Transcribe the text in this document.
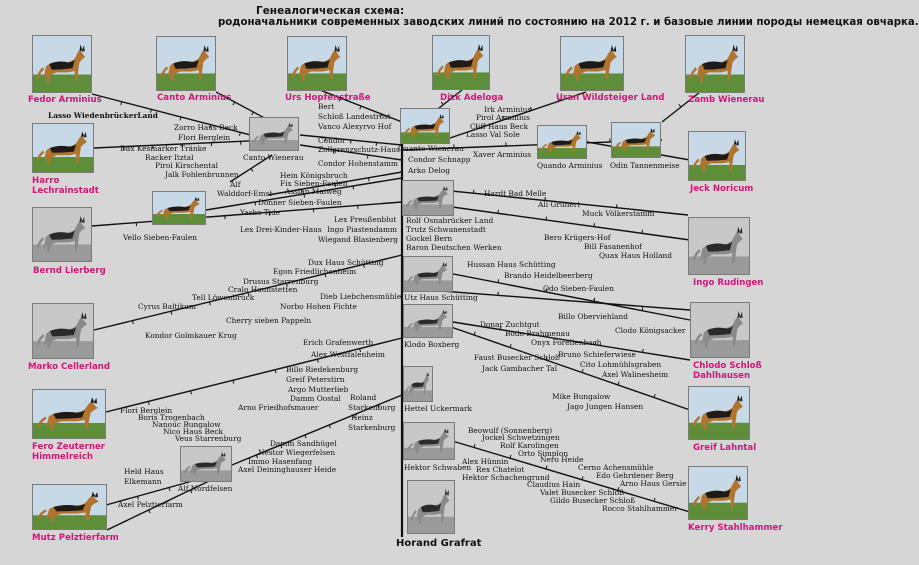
Генеалогическая схема:
родоначальники современных заводских линий по состоянию на 2012 г. и базовые линии породы немецкая овчарка.
Fedor Arminius	Canto Arminius	Urs Hopfenstraße	Dick Adeloga	Uran Wildsteiger Land	Zamb Wienerau
Harro
Lechrainstadt	Jeck Noricum
Bernd Lierberg
Ingo Rudingen
Marko Cellerland	Chlodo Schloß
Dahlhausen
Fero Zeuterner
Himmelreich
Greif Lahntal
Mutz Pelztierfarm
Kerry Stahlhammer
Canto Wienerau
Quanto Wienerau
Quando Arminius Odin Tannenmeise
Vello Sieben-Faulen
Rolf Osnabrücker Land
Utz Haus Schütting
Klodo Boxberg
Hettel Uckermark
Alf Nordfelsen
Hektor Schwaben
Horand Grafrat
Lasso WiedenbrückerLand
Zorro Haus Beck
Flori Berglein
Bert
Schloß Landestrost
Vanco Alexyrvo Hof
Irk Arminius
Pirol Arminius
Cliff Haus Beck
Lasso Val Sole
Dax Kesmarker Tränke
Racker Itztal
Pirol Kirschental
Jalk Fohlenbrunnen
Condor
Zollgrenzschutz-Haus
Condor Hohenstamm Condor Schnapp
Arko Delog
Xaver Arminius
Alf
Walddorf-Emst
Hein Königsbruch
Fix Sieben-Faulen
Asslan Maiweg
Donner Sieben-Faulen
Yasko Tide
Hardt Bad Melle
Ali Grünert
Muck Völkerstamm
Lex Preußenblut
Ingo Piastendamm
Wiegand Blasienberg
Lex Drei-Kinder-Haus	Trutz Schwanenstadt
Gockel Bern
Baron Deutschen Werken
Bero Krügers-Hof
Bill Fasanenhof
Quax Haus Holland
Dux Haus Schütting
Egon Friedlichenheim
Drusus Starrenburg
Cralo Haunstetten
Tell Löwenbrück	Dieb Liebchensmühle
Cyrus Baltikum	Norbo Hohen Fichte
Cherry sieben Pappeln
Kondor Golmkauer Krug
Hussan Haus Schütting
Brando Heidelbeerberg
Odo Sieben-Faulen
Billo Oberviehland
Clodo Königsacker
Donar Zuchtgut
Bodo Brahmenau
Onyx Forellenbach
Bruno Schieferwiese
Cito Lohmühlsgraben
Axel Walinesheim
Faust Busecker Schloß
Jack Gambacher Tal
Erich Grafenwerth
Alex Westfalenheim
Billo Riedekenburg
Greif Peterstirn
Argo Mutterlieb
Damm Oostal
Arno Friedhofsmauer
Roland
Starkenburg
Heinz
Starkenburg
Mike Bungalow
Jago Jungen Hansen
Flori Berglein
Boris Trogenbach
Nanouc Bungalow
Nico Haus Beck
Veus Starrenburg
Damm Sandhügel
Nestor Wiegerfelsen
Immo Hasenfang
Axel Deininghauser Heide
Held Haus
Elkemann
Axel Pelztierfarm
Beowulf (Sonnenberg)
Jockel Schwetzingen
Rolf Karolingen
Orto Simplon
Alex Hünnin	Nero Heide
Rex Chatelot
Hektor Schachengrund
Claudius Hain
Valet Busecker Schloß
Gildo Busecker Schloß
Cerno Achensmühle
Edo Gehrdener Berg
Arno Haus Gersie
Rocco Stahlhammer
